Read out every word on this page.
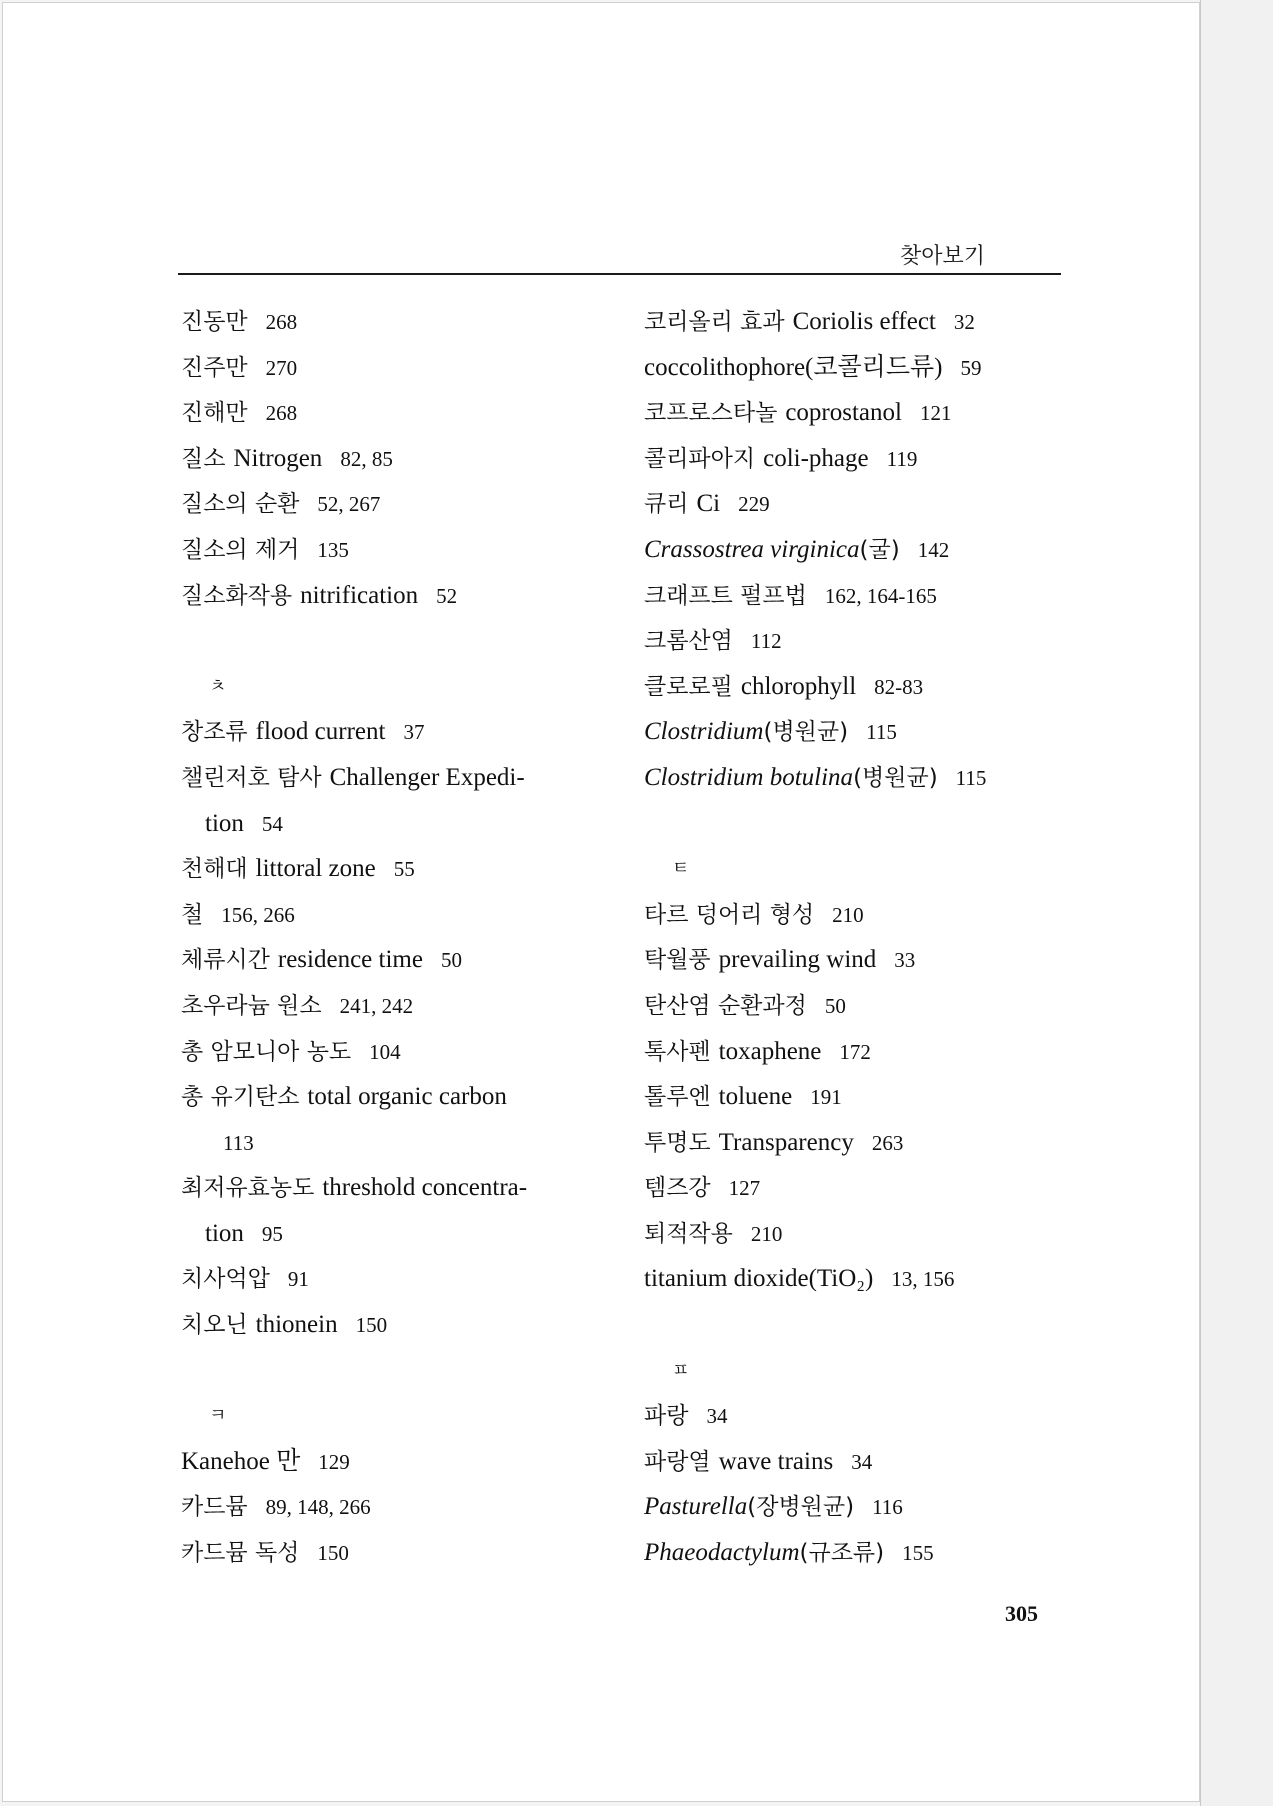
찾아보기
진동만 268
진주만 270
진해만 268
질소 Nitrogen 82, 85
질소의 순환 52, 267
질소의 제거 135
질소화작용 nitrification 52
ㅊ
창조류 flood current 37
챌린저호 탐사 Challenger Expedi-
tion 54
천해대 littoral zone 55
철 156, 266
체류시간 residence time 50
초우라늄 원소 241, 242
총 암모니아 농도 104
총 유기탄소 total organic carbon
113
최저유효농도 threshold concentra-
tion 95
치사억압 91
치오닌 thionein 150
ㅋ
Kanehoe 만 129
카드뮴 89, 148, 266
카드뮴 독성 150
코리올리 효과 Coriolis effect 32
coccolithophore(코콜리드류) 59
코프로스타놀 coprostanol 121
콜리파아지 coli-phage 119
큐리 Ci 229
Crassostrea virginica(굴) 142
크래프트 펄프법 162, 164-165
크롬산염 112
클로로필 chlorophyll 82-83
Clostridium(병원균) 115
Clostridium botulina(병원균) 115
ㅌ
타르 덩어리 형성 210
탁월풍 prevailing wind 33
탄산염 순환과정 50
톡사펜 toxaphene 172
톨루엔 toluene 191
투명도 Transparency 263
템즈강 127
퇴적작용 210
titanium dioxide(TiO₂) 13, 156
ㅍ
파랑 34
파랑열 wave trains 34
Pasturella(장병원균) 116
Phaeodactylum(규조류) 155
305
